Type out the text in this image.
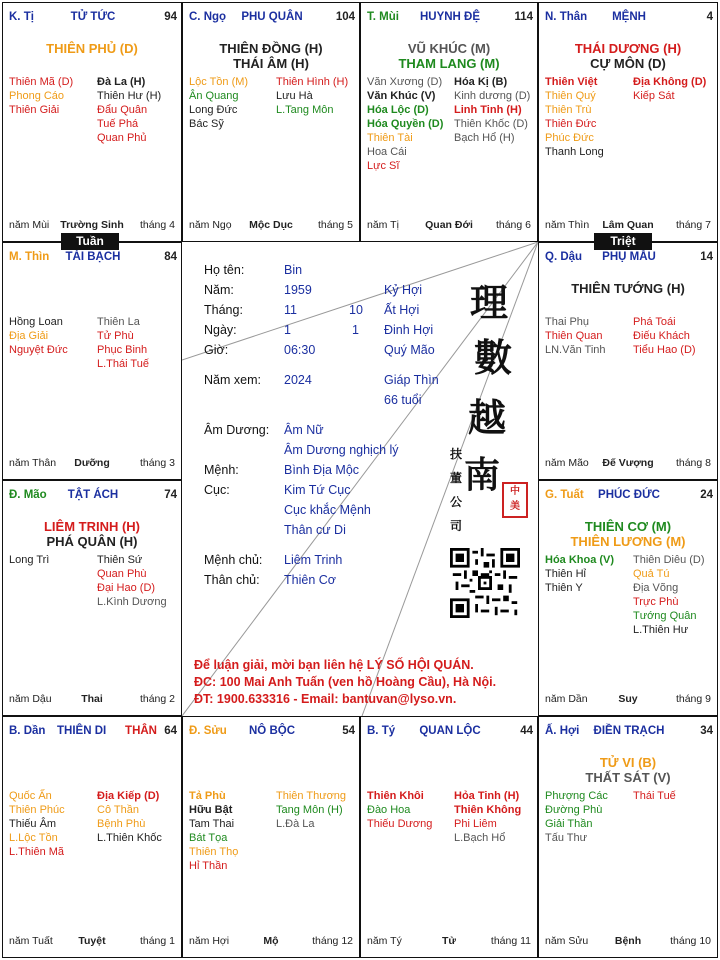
TỬ TỨC
K. Tị	94
THIÊN PHỦ (D)
Thiên Mã (D)
Phong Cáo
Thiên Giải
Đà La (H)
Thiên Hư (H)
Đẩu Quân
Tuế Phá
Quan Phủ
năm Mùi	Trường Sinh	tháng 4
PHU QUÂN
C. Ngọ	104
THIÊN ĐỒNG (H)
THÁI ÂM (H)
Lộc Tồn (M)
Ân Quang
Long Đức
Bác Sỹ
Thiên Hình (H)
Lưu Hà
L.Tang Môn
năm Ngọ	Mộc Dục	tháng 5
HUYNH ĐỆ
T. Mùi	114
VŨ KHÚC (M)
THAM LANG (M)
Văn Xương (D)
Văn Khúc (V)
Hóa Lộc (D)
Hóa Quyền (D)
Thiên Tài
Hoa Cái
Lực Sĩ
Hóa Kị (B)
Kinh dương (D)
Linh Tinh (H)
Thiên Khốc (D)
Bạch Hổ (H)
năm Tị	Quan Đới	tháng 6
MỆNH
N. Thân	4
THÁI DƯƠNG (H)
CỰ MÔN (D)
Thiên Việt
Thiên Quý
Thiên Trù
Thiên Đức
Phúc Đức
Thanh Long
Địa Không (D)
Kiếp Sát
năm Thìn	Lâm Quan	tháng 7
TÀI BẠCH
M. Thìn	84
Hồng Loan
Địa Giải
Nguyệt Đức
Thiên La
Tử Phù
Phục Binh
L.Thái Tuế
năm Thân	Dưỡng	tháng 3
PHỤ MẪU
Q. Dậu	14
THIÊN TƯỚNG (H)
Thai Phụ
Thiên Quan
LN.Văn Tinh
Phá Toái
Điếu Khách
Tiểu Hao (D)
năm Mão	Đế Vượng	tháng 8
TẬT ÁCH
Đ. Mão	74
LIÊM TRINH (H)
PHÁ QUÂN (H)
Long Trì	Thiên Sứ
Quan Phù
Đại Hao (D)
L.Kình Dương
năm Dậu	Thai	tháng 2
PHÚC ĐỨC
G. Tuất	24
THIÊN CƠ (M)
THIÊN LƯƠNG (M)
Hóa Khoa (V)
Thiên Hỉ
Thiên Y
Thiên Diêu (D)
Quả Tú
Địa Võng
Trực Phù
Tướng Quân
L.Thiên Hư
năm Dần	Suy	tháng 9
THIÊN DI	THÂN
B. Dần	64
Quốc Ấn
Thiên Phúc
Thiếu Âm
L.Lộc Tồn
L.Thiên Mã
Địa Kiếp (D)
Cô Thần
Bệnh Phù
L.Thiên Khốc
năm Tuất	Tuyệt	tháng 1
NÔ BỘC
Đ. Sửu	54
Tả Phù
Hữu Bật
Tam Thai
Bát Tọa
Thiên Thọ
Hỉ Thần
Thiên Thương
Tang Môn (H)
L.Đà La
năm Hợi	Mộ	tháng 12
QUAN LỘC
B. Tý	44
Thiên Khôi
Đào Hoa
Thiếu Dương
Hỏa Tinh (H)
Thiên Không
Phi Liêm
L.Bạch Hổ
năm Tý	Tử	tháng 11
ĐIỀN TRẠCH
Ấ. Hợi	34
TỬ VI (B)
THẤT SÁT (V)
Phượng Các
Đường Phù
Giải Thần
Tấu Thư
Thái Tuế
năm Sửu	Bệnh	tháng 10
Tuần	Triệt
Họ tên:	Bin
Năm:	1959	Kỷ Hợi
Tháng:	11	10 Ất Hợi
Ngày:	1	1 Đinh Hợi
Giờ:	06:30	Quý Mão
Năm xem: 2024	Giáp Thìn
66 tuổi
Âm Dương: Âm Nữ
Âm Dương nghịch lý
Mệnh:	Bình Địa Mộc
Cục:	Kim Tứ Cục
Cục khắc Mệnh
Thân cư Di
Mệnh chủ: Liêm Trinh
Thân chủ: Thiên Cơ
理
數
越
南
扶 董 公 司
中 美
Để luận giải, mời bạn liên hệ LÝ SỐ HỘI QUÁN.
ĐC: 100 Mai Anh Tuấn (ven hồ Hoàng Cầu), Hà Nội.
ĐT: 1900.633316 - Email: bantuvan@lyso.vn.
